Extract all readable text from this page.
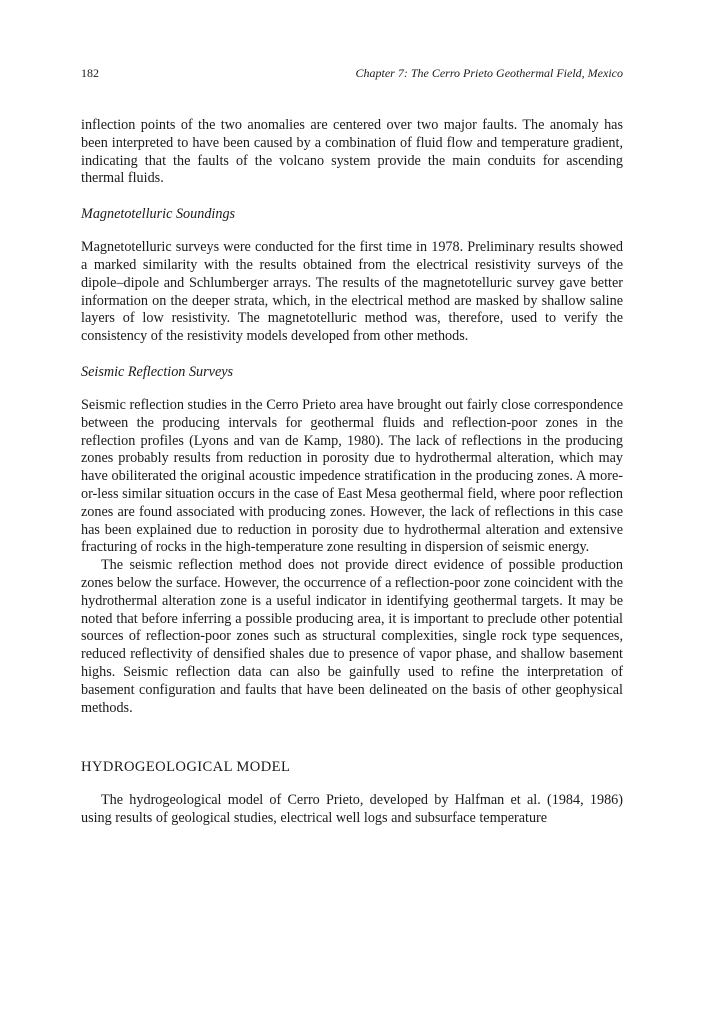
182	Chapter 7: The Cerro Prieto Geothermal Field, Mexico

inflection points of the two anomalies are centered over two major faults. The anomaly has been interpreted to have been caused by a combination of fluid flow and temperature gradient, indicating that the faults of the volcano system provide the main conduits for ascending thermal fluids.

Magnetotelluric Soundings

Magnetotelluric surveys were conducted for the first time in 1978. Preliminary results showed a marked similarity with the results obtained from the electrical resistivity surveys of the dipole–dipole and Schlumberger arrays. The results of the magnetotelluric survey gave better information on the deeper strata, which, in the electrical method are masked by shallow saline layers of low resistivity. The magnetotelluric method was, therefore, used to verify the consistency of the resistivity models developed from other methods.

Seismic Reflection Surveys

Seismic reflection studies in the Cerro Prieto area have brought out fairly close correspondence between the producing intervals for geothermal fluids and reflection-poor zones in the reflection profiles (Lyons and van de Kamp, 1980). The lack of reflections in the producing zones probably results from reduction in porosity due to hydrothermal alteration, which may have obiliterated the original acoustic impedence stratification in the producing zones. A more-or-less similar situation occurs in the case of East Mesa geothermal field, where poor reflection zones are found associated with producing zones. However, the lack of reflections in this case has been explained due to reduction in porosity due to hydrothermal alteration and extensive fracturing of rocks in the high-temperature zone resulting in dispersion of seismic energy.

The seismic reflection method does not provide direct evidence of possible production zones below the surface. However, the occurrence of a reflection-poor zone coincident with the hydrothermal alteration zone is a useful indicator in identifying geothermal targets. It may be noted that before inferring a possible producing area, it is important to preclude other potential sources of reflection-poor zones such as structural complexities, single rock type sequences, reduced reflectivity of densified shales due to presence of vapor phase, and shallow basement highs. Seismic reflection data can also be gainfully used to refine the interpretation of basement configuration and faults that have been delineated on the basis of other geophysical methods.

HYDROGEOLOGICAL MODEL

The hydrogeological model of Cerro Prieto, developed by Halfman et al. (1984, 1986) using results of geological studies, electrical well logs and subsurface temperature
